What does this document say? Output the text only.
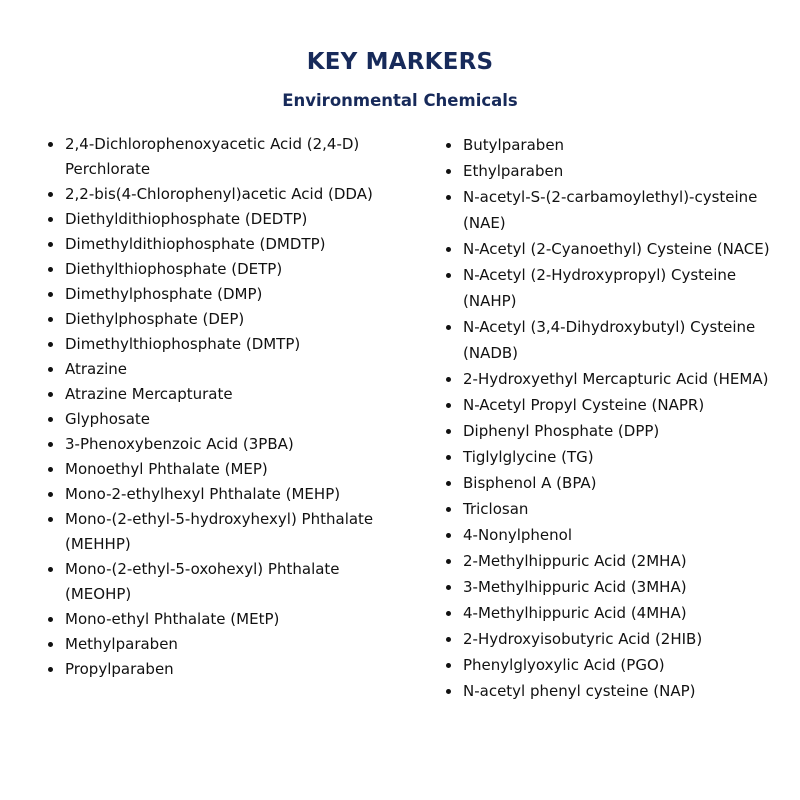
KEY MARKERS
Environmental Chemicals
2,4-Dichlorophenoxyacetic Acid (2,4-D) Perchlorate
2,2-bis(4-Chlorophenyl)acetic Acid (DDA)
Diethyldithiophosphate (DEDTP)
Dimethyldithiophosphate (DMDTP)
Diethylthiophosphate (DETP)
Dimethylphosphate (DMP)
Diethylphosphate (DEP)
Dimethylthiophosphate (DMTP)
Atrazine
Atrazine Mercapturate
Glyphosate
3-Phenoxybenzoic Acid (3PBA)
Monoethyl Phthalate (MEP)
Mono-2-ethylhexyl Phthalate (MEHP)
Mono-(2-ethyl-5-hydroxyhexyl) Phthalate (MEHHP)
Mono-(2-ethyl-5-oxohexyl) Phthalate (MEOHP)
Mono-ethyl Phthalate (MEtP)
Methylparaben
Propylparaben
Butylparaben
Ethylparaben
N-acetyl-S-(2-carbamoylethyl)-cysteine (NAE)
N-Acetyl (2-Cyanoethyl) Cysteine (NACE)
N-Acetyl (2-Hydroxypropyl) Cysteine (NAHP)
N-Acetyl (3,4-Dihydroxybutyl) Cysteine (NADB)
2-Hydroxyethyl Mercapturic Acid (HEMA)
N-Acetyl Propyl Cysteine (NAPR)
Diphenyl Phosphate (DPP)
Tiglylglycine (TG)
Bisphenol A (BPA)
Triclosan
4-Nonylphenol
2-Methylhippuric Acid (2MHA)
3-Methylhippuric Acid (3MHA)
4-Methylhippuric Acid (4MHA)
2-Hydroxyisobutyric Acid (2HIB)
Phenylglyoxylic Acid (PGO)
N-acetyl phenyl cysteine (NAP)
